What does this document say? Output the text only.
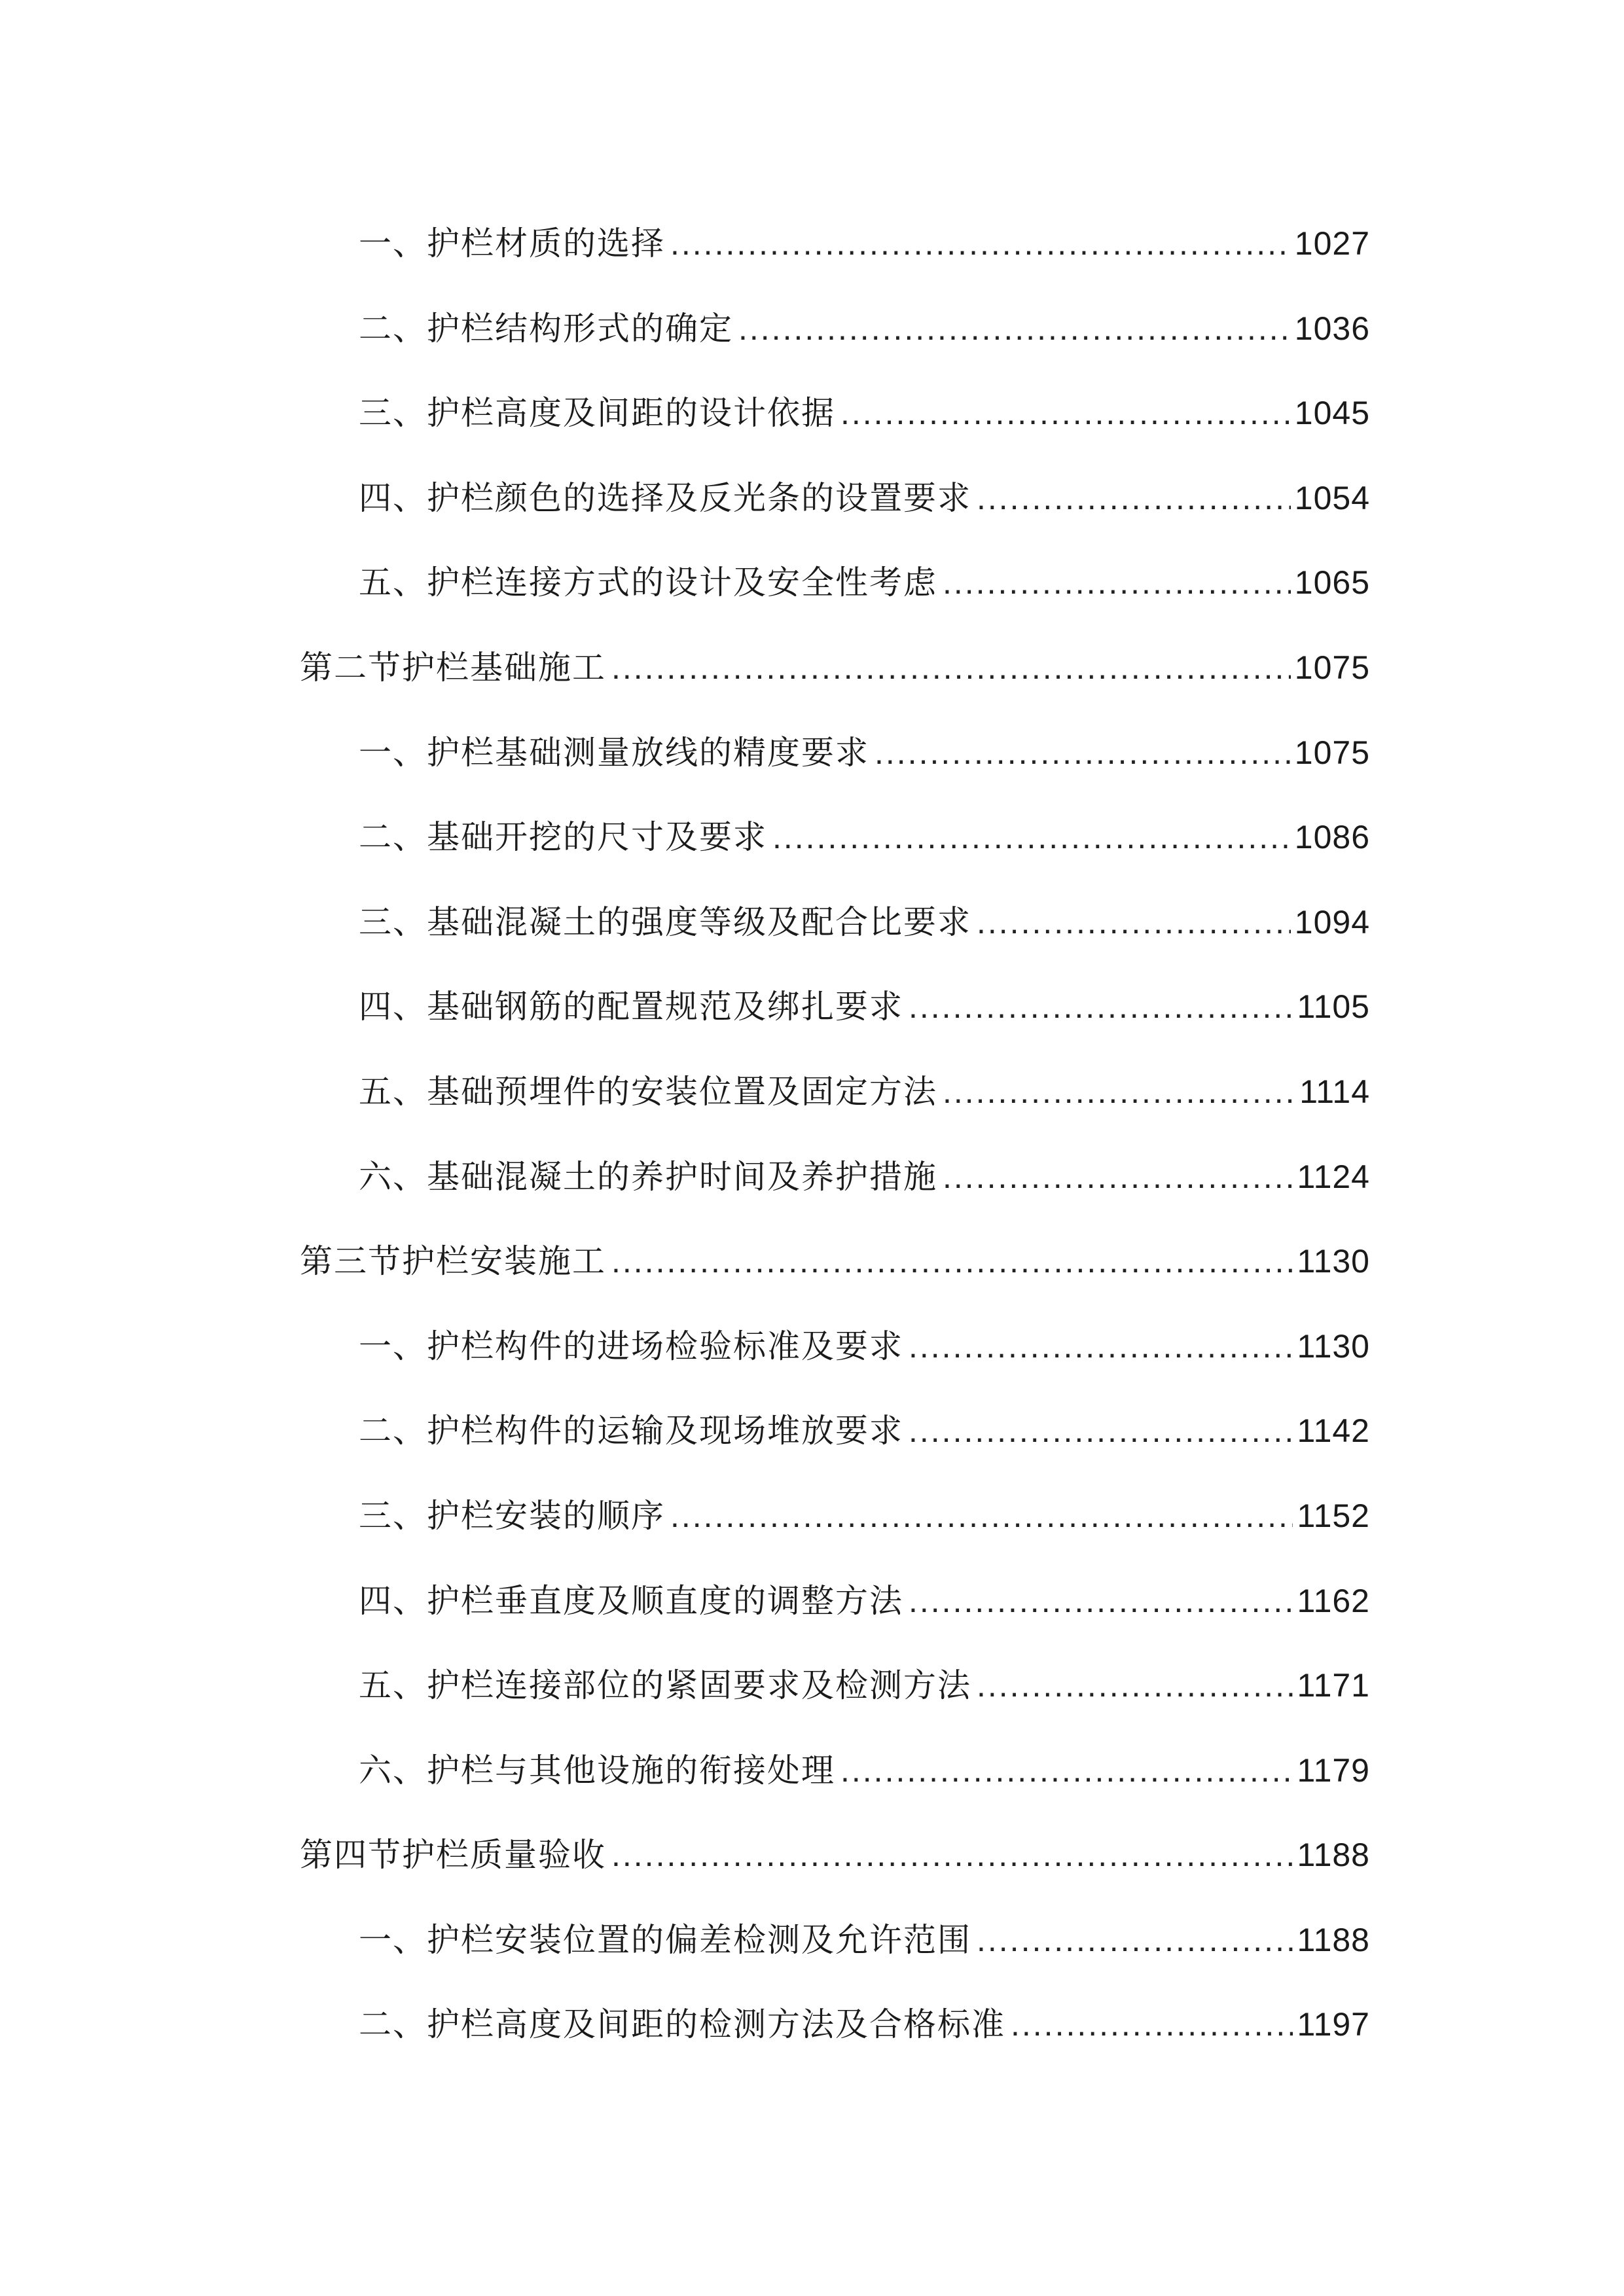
一、护栏材质的选择 .....	1027
二、护栏结构形式的确定 .....	1036
三、护栏高度及间距的设计依据 .....	1045
四、护栏颜色的选择及反光条的设置要求 .....	1054
五、护栏连接方式的设计及安全性考虑 .....	1065
第二节护栏基础施工 .....	1075
一、护栏基础测量放线的精度要求 .....	1075
二、基础开挖的尺寸及要求 .....	1086
三、基础混凝土的强度等级及配合比要求 .....	1094
四、基础钢筋的配置规范及绑扎要求 .....	1105
五、基础预埋件的安装位置及固定方法 .....	1114
六、基础混凝土的养护时间及养护措施 .....	1124
第三节护栏安装施工 .....	1130
一、护栏构件的进场检验标准及要求 .....	1130
二、护栏构件的运输及现场堆放要求 .....	1142
三、护栏安装的顺序 .....	1152
四、护栏垂直度及顺直度的调整方法 .....	1162
五、护栏连接部位的紧固要求及检测方法 .....	1171
六、护栏与其他设施的衔接处理 .....	1179
第四节护栏质量验收 .....	1188
一、护栏安装位置的偏差检测及允许范围 .....	1188
二、护栏高度及间距的检测方法及合格标准 .....	1197
